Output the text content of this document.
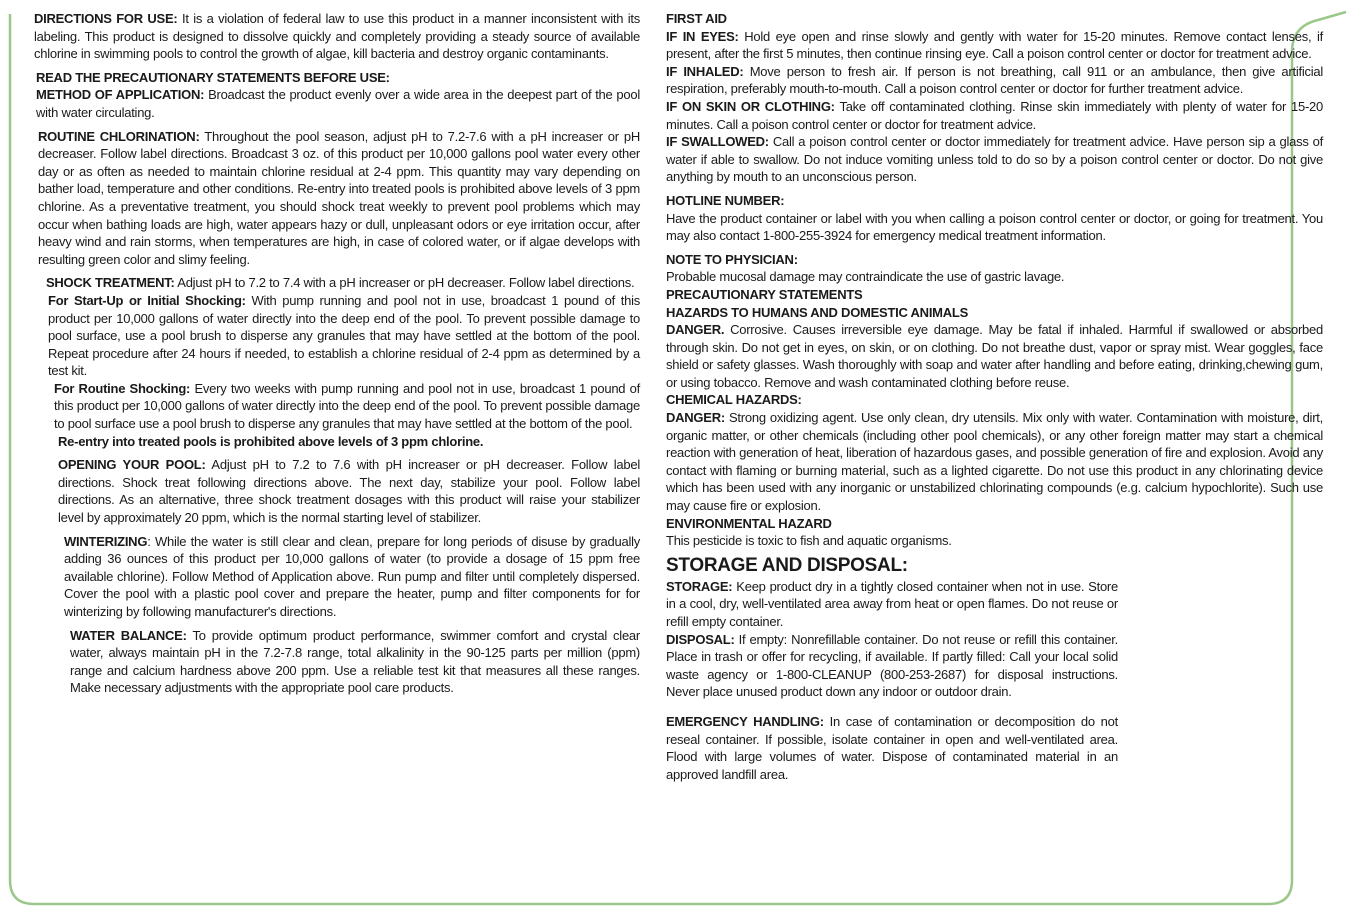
DIRECTIONS FOR USE: It is a violation of federal law to use this product in a manner inconsistent with its labeling. This product is designed to dissolve quickly and completely providing a steady source of available chlorine in swimming pools to control the growth of algae, kill bacteria and destroy organic contaminants.

READ THE PRECAUTIONARY STATEMENTS BEFORE USE:

METHOD OF APPLICATION: Broadcast the product evenly over a wide area in the deepest part of the pool with water circulating.

ROUTINE CHLORINATION: Throughout the pool season, adjust pH to 7.2-7.6 with a pH increaser or pH decreaser. Follow label directions. Broadcast 3 oz. of this product per 10,000 gallons pool water every other day or as often as needed to maintain chlorine residual at 2-4 ppm. This quantity may vary depending on bather load, temperature and other conditions. Re-entry into treated pools is prohibited above levels of 3 ppm chlorine. As a preventative treatment, you should shock treat weekly to prevent pool problems which may occur when bathing loads are high, water appears hazy or dull, unpleasant odors or eye irritation occur, after heavy wind and rain storms, when temperatures are high, in case of colored water, or if algae develops with resulting green color and slimy feeling.

SHOCK TREATMENT: Adjust pH to 7.2 to 7.4 with a pH increaser or pH decreaser. Follow label directions.

For Start-Up or Initial Shocking: With pump running and pool not in use, broadcast 1 pound of this product per 10,000 gallons of water directly into the deep end of the pool. To prevent possible damage to pool surface, use a pool brush to disperse any granules that may have settled at the bottom of the pool. Repeat procedure after 24 hours if needed, to establish a chlorine residual of 2-4 ppm as determined by a test kit.

For Routine Shocking: Every two weeks with pump running and pool not in use, broadcast 1 pound of this product per 10,000 gallons of water directly into the deep end of the pool. To prevent possible damage to pool surface use a pool brush to disperse any granules that may have settled at the bottom of the pool.

Re-entry into treated pools is prohibited above levels of 3 ppm chlorine.

OPENING YOUR POOL: Adjust pH to 7.2 to 7.6 with pH increaser or pH decreaser. Follow label directions. Shock treat following directions above. The next day, stabilize your pool. Follow label directions. As an alternative, three shock treatment dosages with this product will raise your stabilizer level by approximately 20 ppm, which is the normal starting level of stabilizer.

WINTERIZING: While the water is still clear and clean, prepare for long periods of disuse by gradually adding 36 ounces of this product per 10,000 gallons of water (to provide a dosage of 15 ppm free available chlorine). Follow Method of Application above. Run pump and filter until completely dispersed. Cover the pool with a plastic pool cover and prepare the heater, pump and filter components for for winterizing by following manufacturer's directions.

WATER BALANCE: To provide optimum product performance, swimmer comfort and crystal clear water, always maintain pH in the 7.2-7.8 range, total alkalinity in the 90-125 parts per million (ppm) range and calcium hardness above 200 ppm. Use a reliable test kit that measures all these ranges. Make necessary adjustments with the appropriate pool care products.

FIRST AID

IF IN EYES: Hold eye open and rinse slowly and gently with water for 15-20 minutes. Remove contact lenses, if present, after the first 5 minutes, then continue rinsing eye. Call a poison control center or doctor for treatment advice.

IF INHALED: Move person to fresh air. If person is not breathing, call 911 or an ambulance, then give artificial respiration, preferably mouth-to-mouth. Call a poison control center or doctor for further treatment advice.

IF ON SKIN OR CLOTHING: Take off contaminated clothing. Rinse skin immediately with plenty of water for 15-20 minutes. Call a poison control center or doctor for treatment advice.

IF SWALLOWED: Call a poison control center or doctor immediately for treatment advice. Have person sip a glass of water if able to swallow. Do not induce vomiting unless told to do so by a poison control center or doctor. Do not give anything by mouth to an unconscious person.

HOTLINE NUMBER:

Have the product container or label with you when calling a poison control center or doctor, or going for treatment. You may also contact 1-800-255-3924 for emergency medical treatment information.

NOTE TO PHYSICIAN:

Probable mucosal damage may contraindicate the use of gastric lavage.

PRECAUTIONARY STATEMENTS

HAZARDS TO HUMANS AND DOMESTIC ANIMALS

DANGER. Corrosive. Causes irreversible eye damage. May be fatal if inhaled. Harmful if swallowed or absorbed through skin. Do not get in eyes, on skin, or on clothing. Do not breathe dust, vapor or spray mist. Wear goggles, face shield or safety glasses. Wash thoroughly with soap and water after handling and before eating, drinking,chewing gum, or using tobacco. Remove and wash contaminated clothing before reuse.

CHEMICAL HAZARDS:

DANGER: Strong oxidizing agent. Use only clean, dry utensils. Mix only with water. Contamination with moisture, dirt, organic matter, or other chemicals (including other pool chemicals), or any other foreign matter may start a chemical reaction with generation of heat, liberation of hazardous gases, and possible generation of fire and explosion. Avoid any contact with flaming or burning material, such as a lighted cigarette. Do not use this product in any chlorinating device which has been used with any inorganic or unstabilized chlorinating compounds (e.g. calcium hypochlorite). Such use may cause fire or explosion.

ENVIRONMENTAL HAZARD

This pesticide is toxic to fish and aquatic organisms.

STORAGE AND DISPOSAL:

STORAGE: Keep product dry in a tightly closed container when not in use. Store in a cool, dry, well-ventilated area away from heat or open flames. Do not reuse or refill empty container.

DISPOSAL: If empty: Nonrefillable container. Do not reuse or refill this container. Place in trash or offer for recycling, if available. If partly filled: Call your local solid waste agency or 1-800-CLEANUP (800-253-2687) for disposal instructions. Never place unused product down any indoor or outdoor drain.

EMERGENCY HANDLING: In case of contamination or decomposition do not reseal container. If possible, isolate container in open and well-ventilated area. Flood with large volumes of water. Dispose of contaminated material in an approved landfill area.
